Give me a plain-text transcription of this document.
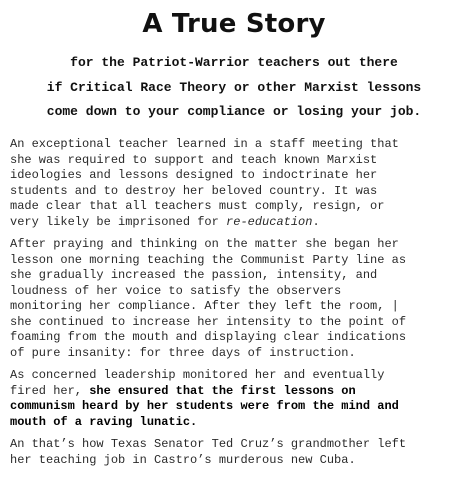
A True Story
for the Patriot-Warrior teachers out there
if Critical Race Theory or other Marxist lessons
come down to your compliance or losing your job.
An exceptional teacher learned in a staff meeting that
she was required to support and teach known Marxist
ideologies and lessons designed to indoctrinate her
students and to destroy her beloved country. It was
made clear that all teachers must comply, resign, or
very likely be imprisoned for re-education.
After praying and thinking on the matter she began her
lesson one morning teaching the Communist Party line as
she gradually increased the passion, intensity, and
loudness of her voice to satisfy the observers
monitoring her compliance. After they left the room, |
she continued to increase her intensity to the point of
foaming from the mouth and displaying clear indications
of pure insanity: for three days of instruction.
As concerned leadership monitored her and eventually
fired her, she ensured that the first lessons on
communism heard by her students were from the mind and
mouth of a raving lunatic.
An that’s how Texas Senator Ted Cruz’s grandmother left
her teaching job in Castro’s murderous new Cuba.
